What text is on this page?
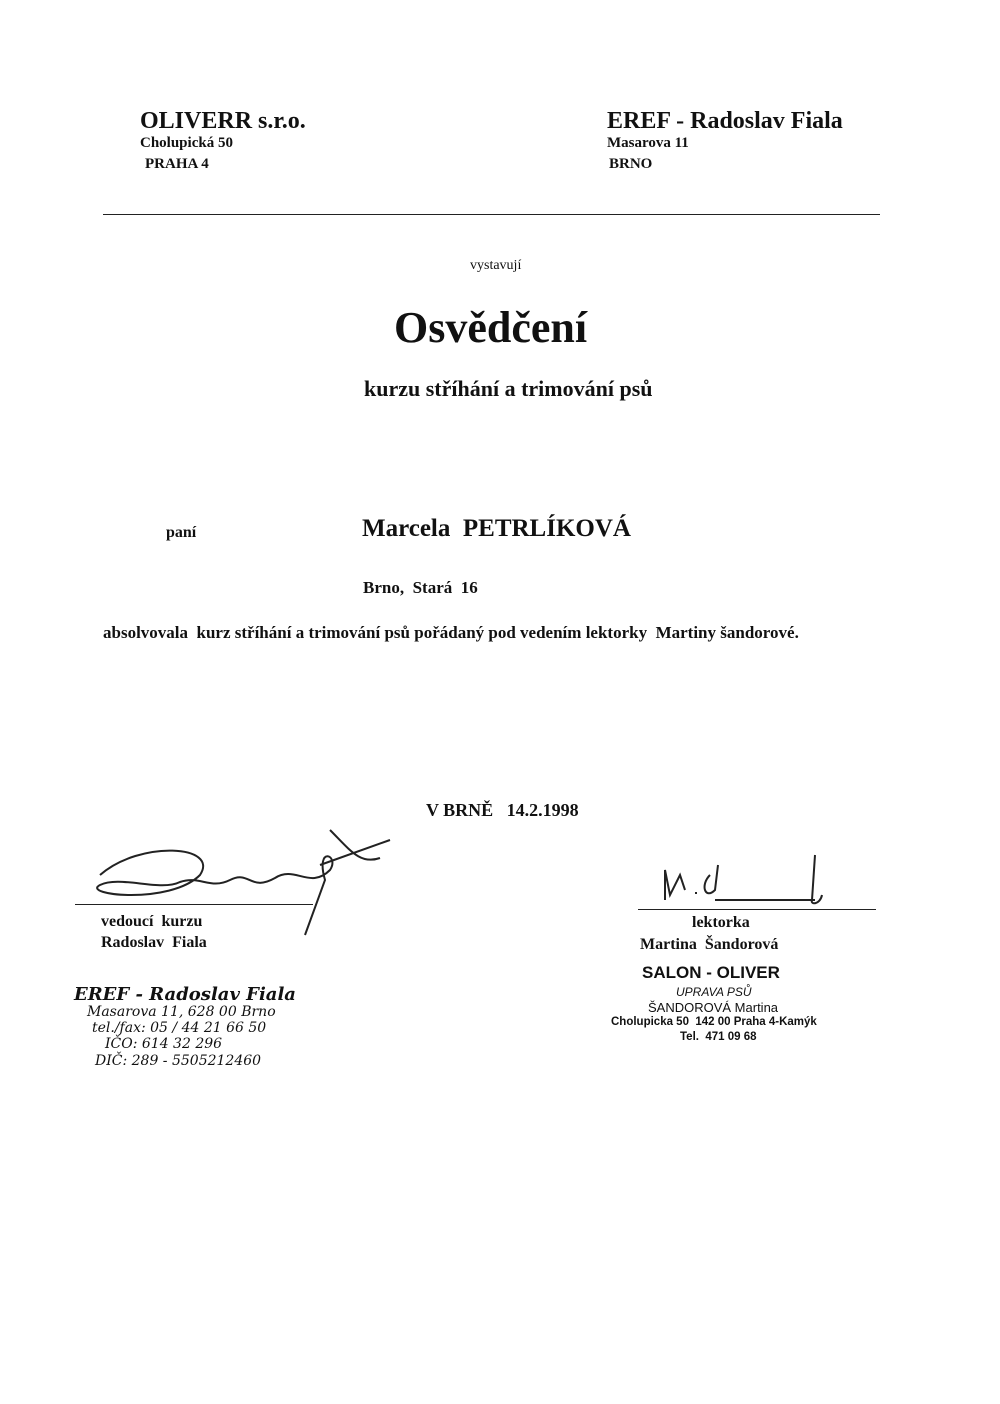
OLIVERR s.r.o.
Cholupická 50
PRAHA 4
EREF - Radoslav Fiala
Masarova 11
BRNO
vystavují
Osvědčení
kurzu stříhání a trimování psů
paní	Marcela  PETRLÍKOVÁ
Brno,  Stará  16
absolvovala  kurz stříhání a trimování psů pořádaný pod vedením lektorky  Martiny šandorové.
V BRNĚ   14.2.1998
vedoucí  kurzu
Radoslav  Fiala
lektorka
Martina  Šandorová
EREF - Radoslav Fiala
Masarova 11, 628 00 Brno
tel./fax: 05 / 44 21 66 50
IČO: 614 32 296
DIČ: 289 - 5505212460
SALON - OLIVER
UPRAVA PSŮ
ŠANDOROVÁ Martina
Cholupicka 50  142 00 Praha 4-Kamýk
Tel.  471 09 68
